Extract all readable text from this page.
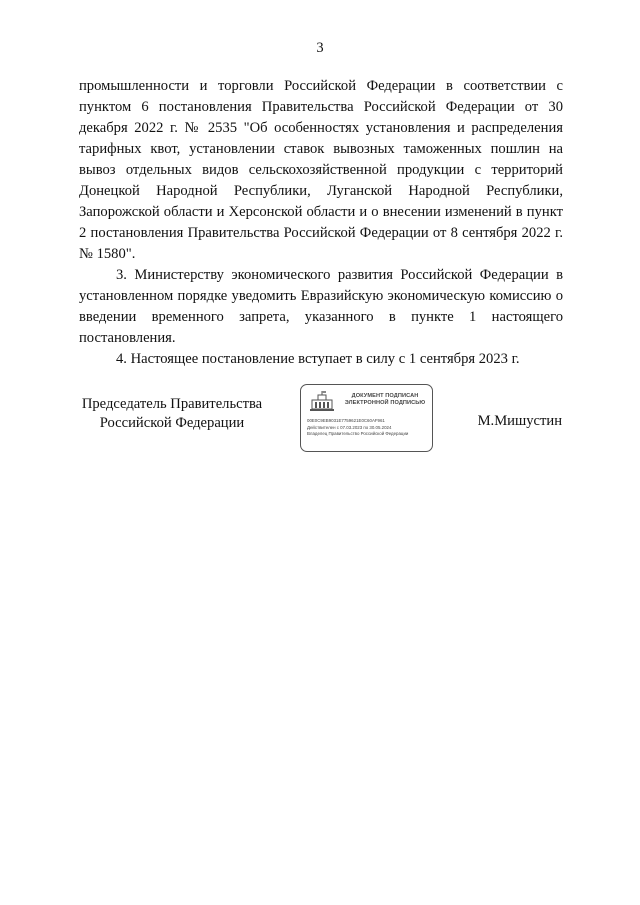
3

промышленности и торговли Российской Федерации в соответствии с пунктом 6 постановления Правительства Российской Федерации от 30 декабря 2022 г. № 2535 "Об особенностях установления и распределения тарифных квот, установлении ставок вывозных таможенных пошлин на вывоз отдельных видов сельскохозяйственной продукции с территорий Донецкой Народной Республики, Луганской Народной Республики, Запорожской области и Херсонской области и о внесении изменений в пункт 2 постановления Правительства Российской Федерации от 8 сентября 2022 г. № 1580".

3. Министерству экономического развития Российской Федерации в установленном порядке уведомить Евразийскую экономическую комиссию о введении временного запрета, указанного в пункте 1 настоящего постановления.

4. Настоящее постановление вступает в силу с 1 сентября 2023 г.

Председатель Правительства
Российской Федерации
ДОКУМЕНТ ПОДПИСАН
ЭЛЕКТРОННОЙ ПОДПИСЬЮ
00E0C9EB9031E7759621E0C60AF961
Действителен с 07.03.2023 по 30.05.2024
Владелец Правительство Российской Федерации
М.Мишустин
